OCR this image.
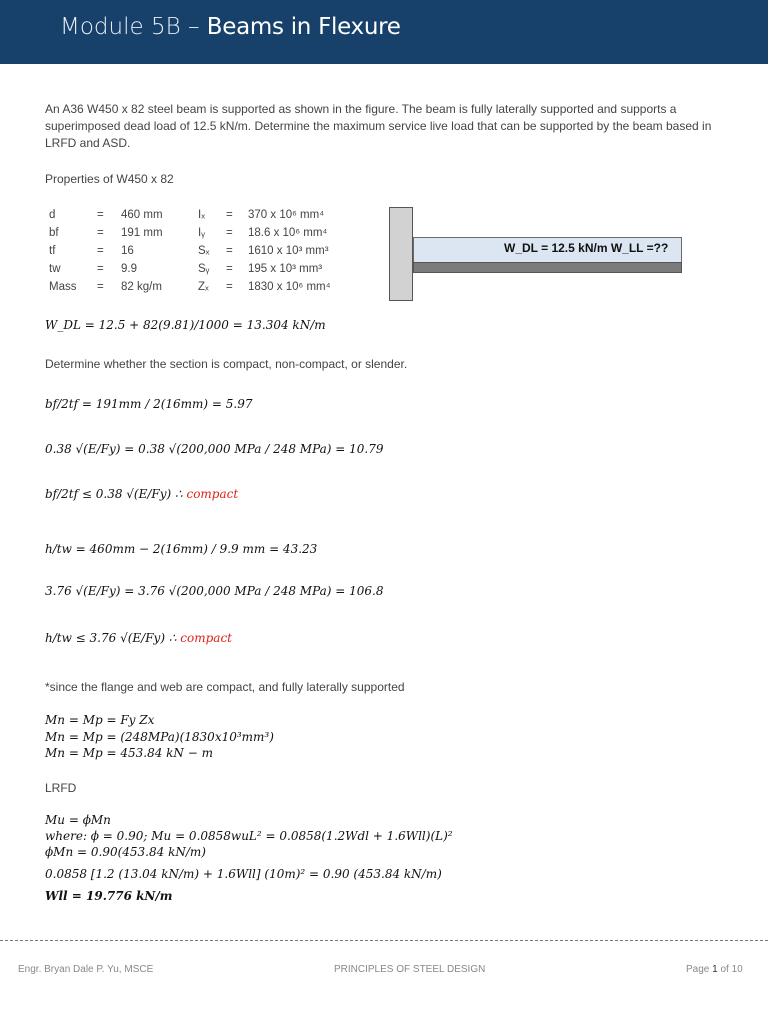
Module 5B – Beams in Flexure
An A36 W450 x 82 steel beam is supported as shown in the figure. The beam is fully laterally supported and supports a superimposed dead load of 12.5 kN/m. Determine the maximum service live load that can be supported by the beam based in LRFD and ASD.
Properties of W450 x 82
d	=	460 mm	Iₓ	=	370 x 10⁶ mm⁴
bf	=	191 mm	Iᵧ	=	18.6 x 10⁶ mm⁴
tf	=	16	Sₓ	=	1610 x 10³ mm³
tw	=	9.9	Sᵧ	=	195 x 10³ mm³
Mass	=	82 kg/m	Zₓ	=	1830 x 10⁶ mm⁴
W_DL = 12.5 kN/m W_LL =??
W_DL = 12.5 + 82(9.81)/1000 = 13.304 kN/m
Determine whether the section is compact, non-compact, or slender.
bf/2tf = 191mm / 2(16mm) = 5.97
0.38 √(E/Fy) = 0.38 √(200,000 MPa / 248 MPa) = 10.79
bf/2tf ≤ 0.38 √(E/Fy) ∴ compact
h/tw = 460mm − 2(16mm) / 9.9 mm = 43.23
3.76 √(E/Fy) = 3.76 √(200,000 MPa / 248 MPa) = 106.8
h/tw ≤ 3.76 √(E/Fy) ∴ compact
*since the flange and web are compact, and fully laterally supported
Mn = Mp = Fy Zx
Mn = Mp = (248MPa)(1830x10³mm³)
Mn = Mp = 453.84 kN − m
LRFD
Mu = ϕMn
where: ϕ = 0.90; Mu = 0.0858wuL² = 0.0858(1.2Wdl + 1.6Wll)(L)²
ϕMn = 0.90(453.84 kN/m)
0.0858 [1.2 (13.04 kN/m) + 1.6Wll] (10m)² = 0.90 (453.84 kN/m)
Wll = 19.776 kN/m
Engr. Bryan Dale P. Yu, MSCE	PRINCIPLES OF STEEL DESIGN	Page 1 of 10
